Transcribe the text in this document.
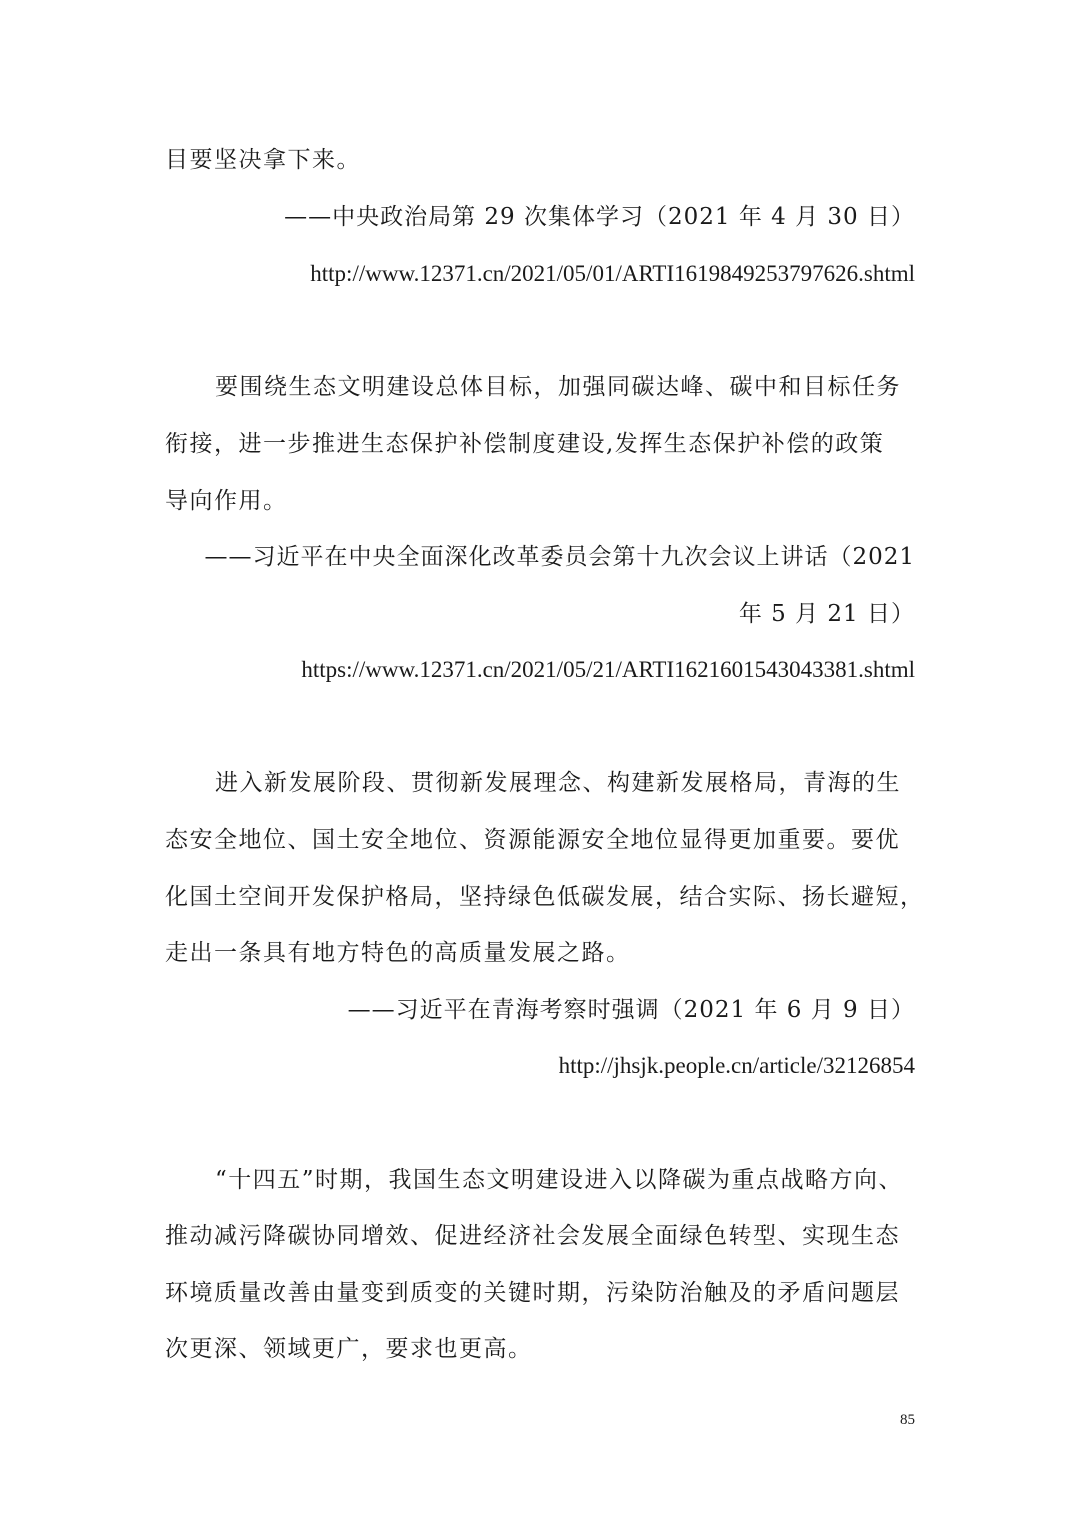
目要坚决拿下来。
——中央政治局第 29 次集体学习（2021 年 4 月 30 日）
http://www.12371.cn/2021/05/01/ARTI1619849253797626.shtml
要围绕生态文明建设总体目标，加强同碳达峰、碳中和目标任务
衔接，进一步推进生态保护补偿制度建设,发挥生态保护补偿的政策
导向作用。
——习近平在中央全面深化改革委员会第十九次会议上讲话（2021
年 5 月 21 日）
https://www.12371.cn/2021/05/21/ARTI1621601543043381.shtml
进入新发展阶段、贯彻新发展理念、构建新发展格局，青海的生
态安全地位、国土安全地位、资源能源安全地位显得更加重要。要优
化国土空间开发保护格局，坚持绿色低碳发展，结合实际、扬长避短，
走出一条具有地方特色的高质量发展之路。
——习近平在青海考察时强调（2021 年 6 月 9 日）
http://jhsjk.people.cn/article/32126854
“十四五”时期，我国生态文明建设进入以降碳为重点战略方向、
推动减污降碳协同增效、促进经济社会发展全面绿色转型、实现生态
环境质量改善由量变到质变的关键时期，污染防治触及的矛盾问题层
次更深、领域更广，要求也更高。
85
